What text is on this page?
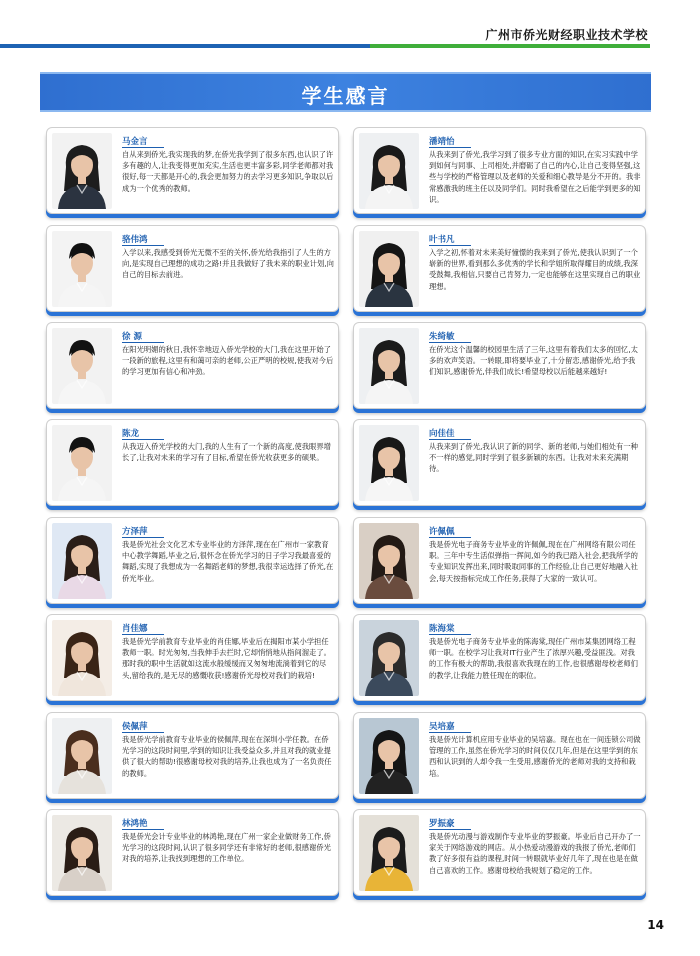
广州市侨光财经职业技术学校
学生感言
马金言
自从来到侨光,我实现我的梦,在侨光我学到了很多东西,也认识了许多有趣的人,让我变得更加充实,生活也更丰富多彩,同学老师都对我很好,每一天都是开心的,我会更加努力的去学习更多知识,争取以后成为一个优秀的教师。
潘靖怡
从我来到了侨光,我学习到了很多专业方面的知识,在实习实践中学到如何与同事、上司相处,并磨砺了自己的内心,让自己变得坚强,这些与学校的严格管理以及老师的关爱和细心教导是分不开的。我非常感激我的班主任以及同学们。同时我希望在之后能学到更多的知识。
骆伟鸿
入学以来,我感受到侨光无微不至的关怀,侨光给我指引了人生的方向,是实现自己理想的成功之路!并且我做好了我未来的职业计划,向自己的目标去前进。
叶书凡
入学之初,怀着对未来美好憧憬的我来到了侨光,使我认识到了一个崭新的世界,看到那么多优秀的学长和学姐所取得耀目的成绩,我深受鼓舞,我相信,只要自己肯努力,一定也能够在这里实现自己的职业理想。
徐 源
在阳光明媚的秋日,我怀幸地迈入侨光学校的大门,我在这里开始了一段新的旅程,这里有和蔼可亲的老师,公正严明的校规,使我对今后的学习更加有信心和冲劲。
朱绮敏
在侨光这个温馨的校园里生活了三年,这里有着我们太多的回忆,太多的欢声笑语。一转眼,即将要毕业了,十分留恋,感谢侨光,给予我们知识,感谢侨光,伴我们成长!希望母校以后能越来越好!
陈龙
从我迈入侨光学校的大门,我的人生有了一个新的高度,使我眼界增长了,让我对未来的学习有了目标,希望在侨光收获更多的硕果。
向佳佳
从我来到了侨光,我认识了新的同学、新的老师,与她们相处有一种不一样的感觉,同时学到了很多新颖的东西。让我对未来充满期待。
方泽萍
我是侨光社会文化艺术专业毕业的方泽萍,现在在广州市一家教育中心教学舞蹈,毕业之后,很怀念在侨光学习的日子学习我最喜爱的舞蹈,实现了我想成为一名舞蹈老师的梦想,我很幸运选择了侨光,在侨光毕业。
许佩佩
我是侨光电子商务专业毕业的许佩佩,现在在广州网络有限公司任职。三年中专生活似弹指一挥间,如今的我已踏入社会,把我所学的专业知识发挥出来,同时吸取同事的工作经验,让自己更好地融入社会,每天按指标完成工作任务,获得了大家的一致认可。
肖佳娜
我是侨光学前教育专业毕业的肖佳娜,毕业后在揭阳市某小学担任教师一职。时光匆匆,当我伸手去拦时,它却悄悄地从指间溜走了。那时我的职中生活就如这流水般缓缓而又匆匆地流淌着到它的尽头,留给我的,是无尽的感慨收获!感谢侨光母校对我们的栽培!
陈海棠
我是侨光电子商务专业毕业的陈海棠,现任广州市某集团网络工程师一职。在校学习让我对IT行业产生了浓厚兴趣,受益匪浅。对我的工作有极大的帮助,我很喜欢我现在的工作,也很感谢母校老师们的教学,让我能力胜任现在的职位。
侯佩萍
我是侨光学前教育专业毕业的侯佩萍,现在在深圳小学任教。在侨光学习的这段时间里,学到的知识让我受益众多,并且对我的就业提供了很大的帮助!很感谢母校对我的培养,让我也成为了一名负责任的教师。
吴培嘉
我是侨光计算机应用专业毕业的吴培嘉。现在也在一间连锁公司做管理的工作,虽然在侨光学习的时间仅仅几年,但是在这里学到的东西和认识到的人却令我一生受用,感谢侨光的老师对我的支持和栽培。
林鸿艳
我是侨光会计专业毕业的林鸿艳,现在广州一家企业做财务工作,侨光学习的这段时间,认识了很多同学还有非常好的老师,很感谢侨光对我的培养,让我找到理想的工作单位。
罗振豪
我是侨光动漫与游戏制作专业毕业的罗振豪。毕业后自己开办了一家关于网络游戏的网店。从小热爱动漫游戏的我报了侨光,老师们教了好多很有益的课程,时间一转眼就毕业好几年了,现在也是在做自己喜欢的工作。感谢母校给我规划了稳定的工作。
14
